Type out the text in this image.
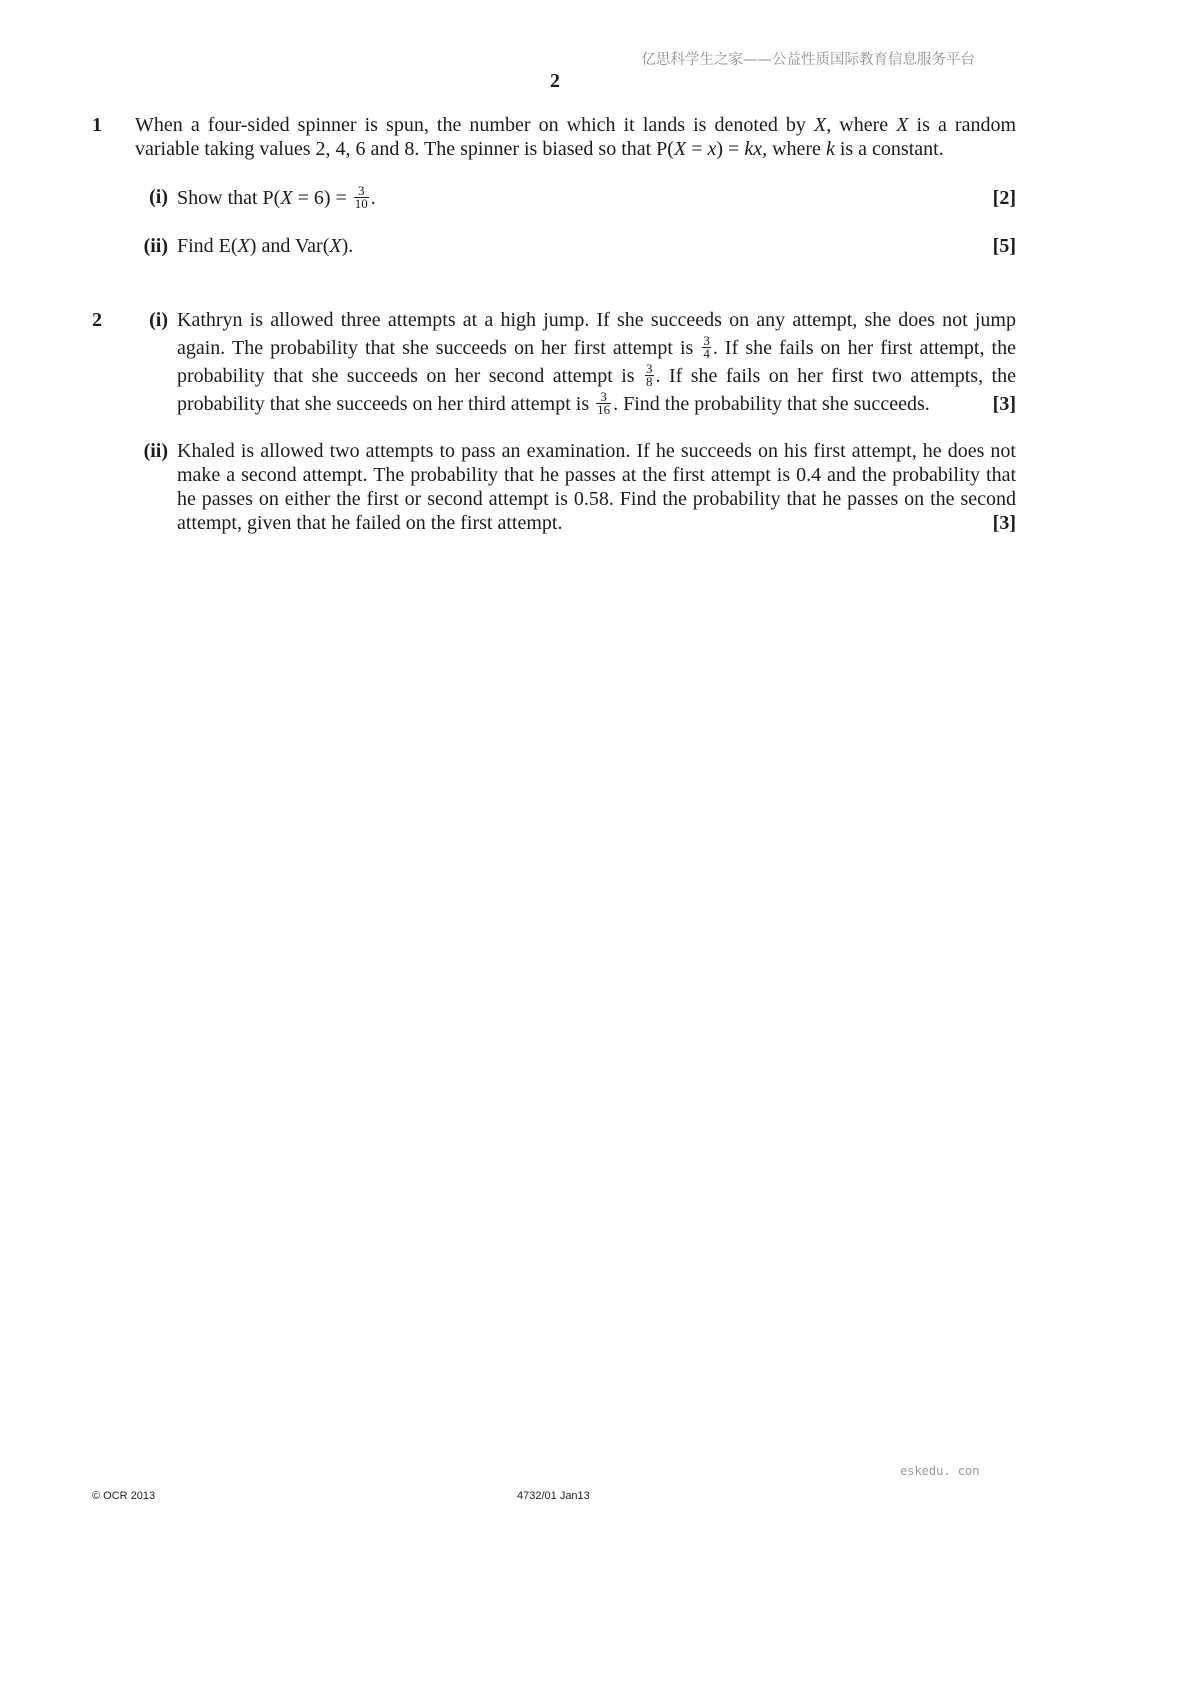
亿思科学生之家——公益性质国际教育信息服务平台
2
1	When a four-sided spinner is spun, the number on which it lands is denoted by X, where X is a random variable taking values 2, 4, 6 and 8. The spinner is biased so that P(X = x) = kx, where k is a constant.
(i) Show that $P(X = 6) = \frac{3}{10}$ .	[2]
(ii) Find E(X) and Var(X).	[5]
2	(i) Kathryn is allowed three attempts at a high jump. If she succeeds on any attempt, she does not jump again. The probability that she succeeds on her first attempt is $\frac{3}{4}$ . If she fails on her first attempt, the probability that she succeeds on her second attempt is $\frac{3}{8}$ . If she fails on her first two attempts, the probability that she succeeds on her third attempt is $\frac{3}{16}$ . Find the probability that she succeeds.	[3]
(ii) Khaled is allowed two attempts to pass an examination. If he succeeds on his first attempt, he does not make a second attempt. The probability that he passes at the first attempt is 0.4 and the probability that he passes on either the first or second attempt is 0.58. Find the probability that he passes on the second attempt, given that he failed on the first attempt.	[3]
eskedu. con
© OCR 2013	4732/01 Jan13
